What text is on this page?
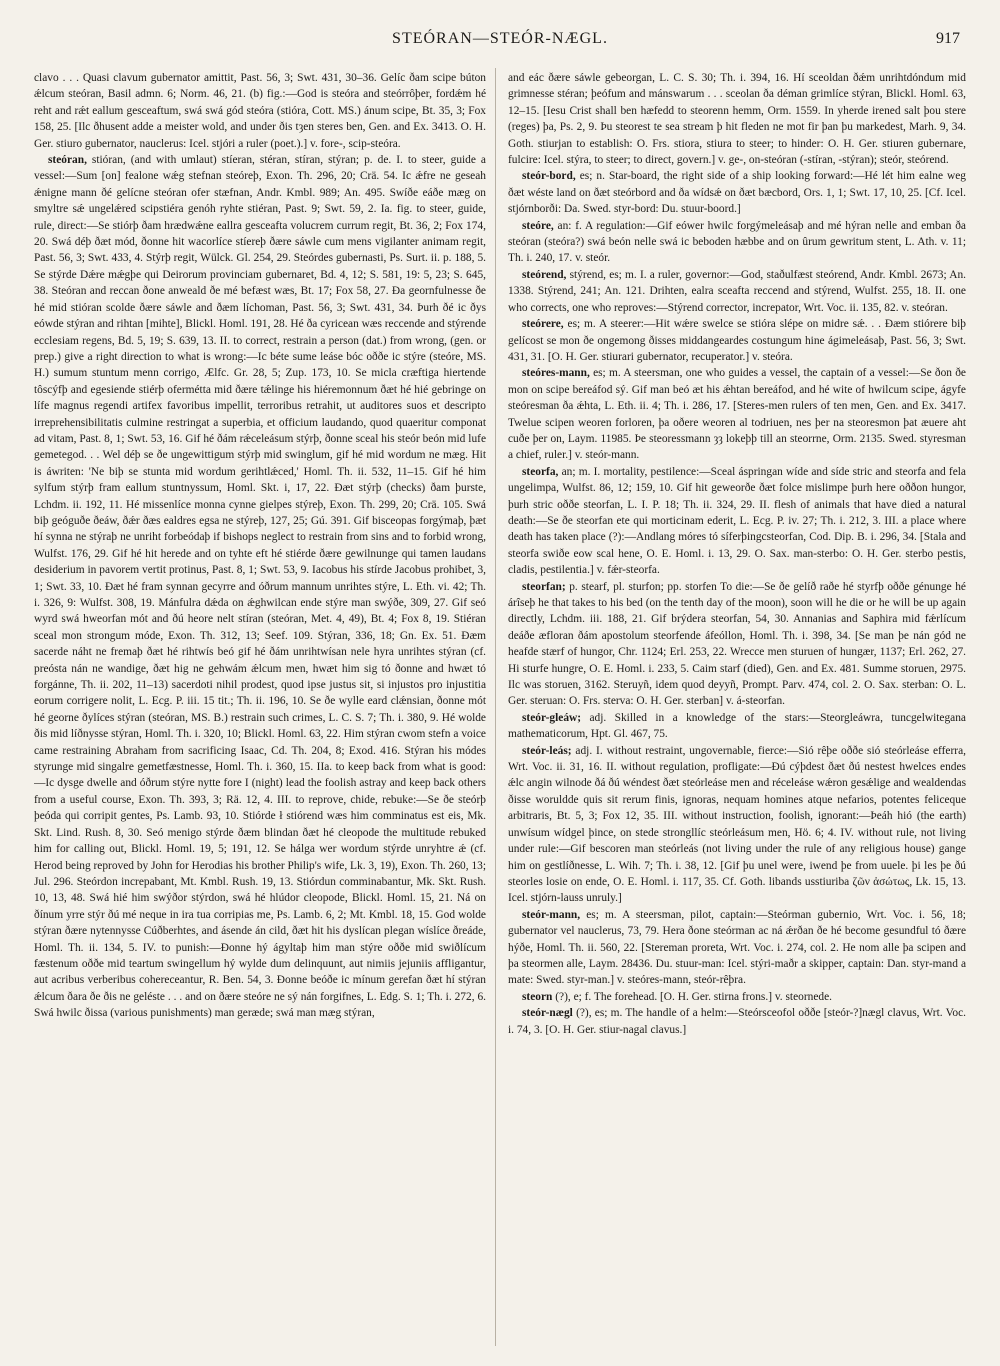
STEÓRAN—STEÓR-NÆGL.	917

clavo . . . Quasi clavum gubernator amittit, Past. 56, 3; Swt. 431, 30–36. Gelíc ðam scipe búton ǽlcum steóran, Basil admn. 6; Norm. 46, 21. (b) fig.:—God is steóra and steórrôþer, fordǽm hé reht and rǽt eallum gesceaftum, swá swá gód steóra (stióra, Cott. MS.) ánum scipe, Bt. 35, 3; Fox 158, 25. [Ilc ðhusent adde a meister wold, and under ðis tȝen steres ben, Gen. and Ex. 3413. O. H. Ger. stiuro gubernator, nauclerus: Icel. stjóri a ruler (poet.).] v. fore-, scip-steóra.

steóran, stióran, (and with umlaut) stíeran, stéran, stíran, stýran; p. de. I. to steer, guide a vessel:—Sum [on] fealone wǽg stefnan steóreþ, Exon. Th. 296, 20; Crä. 54. Ic ǽfre ne geseah ǽnigne mann ðé gelícne steóran ofer stæfnan, Andr. Kmbl. 989; An. 495. Swíðe eáðe mæg on smyltre sǽ ungelǽred scipstiéra genóh ryhte stiéran, Past. 9; Swt. 59, 2. Ia. fig. to steer, guide, rule, direct:—Se stiórþ ðam hrædwǽne eallra gesceafta volucrem currum regit, Bt. 36, 2; Fox 174, 20. Swá déþ ðæt mód, ðonne hit wacorlíce stíereþ ðære sáwle cum mens vigilanter animam regit, Past. 56, 3; Swt. 433, 4. Stýrþ regit, Wülck. Gl. 254, 29. Steórdes gubernasti, Ps. Surt. ii. p. 188, 5. Se stýrde Dǽre mǽgþe qui Deirorum provinciam gubernaret, Bd. 4, 12; S. 581, 19: 5, 23; S. 645, 38. Steóran and reccan ðone anweald ðe mé befæst wæs, Bt. 17; Fox 58, 27. Ða geornfulnesse ðe hé mid stióran scolde ðære sáwle and ðæm líchoman, Past. 56, 3; Swt. 431, 34. Þurh ðé ic ðys eówde stýran and rihtan [mihte], Blickl. Homl. 191, 28. Hé ða cyricean wæs reccende and stýrende ecclesiam regens, Bd. 5, 19; S. 639, 13. II. to correct, restrain a person (dat.) from wrong, (gen. or prep.) give a right direction to what is wrong:—Ic béte sume leáse bóc oððe ic stýre (steóre, MS. H.) sumum stuntum menn corrigo, Ælfc. Gr. 28, 5; Zup. 173, 10. Se micla cræftiga hiertende tôscýfþ and egesiende stiérþ ofermétta mid ðære tǽlinge his hiéremonnum ðæt hé hié gebringe on lífe magnus regendi artifex favoribus impellit, terroribus retrahit, ut auditores suos et descripto irreprehensibilitatis culmine restringat a superbia, et officium laudando, quod quaeritur componat ad vitam, Past. 8, 1; Swt. 53, 16. Gif hé ðám rǽceleásum stýrþ, ðonne sceal his steór beón mid lufe gemetegod. . . Wel déþ se ðe ungewittigum stýrþ mid swinglum, gif hé mid wordum ne mæg. Hit is áwriten: 'Ne biþ se stunta mid wordum gerihtlǽced,' Homl. Th. ii. 532, 11–15. Gif hé him sylfum stýrþ fram eallum stuntnyssum, Homl. Skt. i, 17, 22. Ðæt stýrþ (checks) ðam þurste, Lchdm. ii. 192, 11. Hé missenlíce monna cynne gielpes stýreþ, Exon. Th. 299, 20; Crä. 105. Swá biþ geóguðe ðeáw, ðǽr ðæs ealdres egsa ne stýreþ, 127, 25; Gú. 391. Gif bisceopas forgýmaþ, þæt hí synna ne stýraþ ne unriht forbeódaþ if bishops neglect to restrain from sins and to forbid wrong, Wulfst. 176, 29. Gif hé hit herede and on tyhte eft hé stiérde ðære gewilnunge qui tamen laudans desiderium in pavorem vertit protinus, Past. 8, 1; Swt. 53, 9. Iacobus his stírde Jacobus prohibet, 3, 1; Swt. 33, 10. Ðæt hé fram synnan gecyrre and óðrum mannum unrihtes stýre, L. Eth. vi. 42; Th. i. 326, 9: Wulfst. 308, 19. Mánfulra dǽda on ǽghwilcan ende stýre man swýðe, 309, 27. Gif seó wyrd swá hweorfan mót and ðú heore nelt stíran (steóran, Met. 4, 49), Bt. 4; Fox 8, 19. Stiéran sceal mon strongum móde, Exon. Th. 312, 13; Seef. 109. Stýran, 336, 18; Gn. Ex. 51. Ðæm sacerde náht ne fremaþ ðæt hé rihtwís beó gif hé ðám unrihtwísan nele hyra unrihtes stýran (cf. preósta nán ne wandige, ðæt hig ne gehwám ǽlcum men, hwæt him sig tó ðonne and hwæt tó forgánne, Th. ii. 202, 11–13) sacerdoti nihil prodest, quod ipse justus sit, si injustos pro injustitia eorum corrigere nolit, L. Ecg. P. iii. 15 tit.; Th. ii. 196, 10. Se ðe wylle eard clǽnsian, ðonne mót hé georne ðylíces stýran (steóran, MS. B.) restrain such crimes, L. C. S. 7; Th. i. 380, 9. Hé wolde ðis mid líðnysse stýran, Homl. Th. i. 320, 10; Blickl. Homl. 63, 22. Him stýran cwom stefn a voice came restraining Abraham from sacrificing Isaac, Cd. Th. 204, 8; Exod. 416. Stýran his módes styrunge mid singalre gemetfæstnesse, Homl. Th. i. 360, 15. IIa. to keep back from what is good:—Ic dysge dwelle and óðrum stýre nytte fore I (night) lead the foolish astray and keep back others from a useful course, Exon. Th. 393, 3; Rä. 12, 4. III. to reprove, chide, rebuke:—Se ðe steórþ þeóda qui corripit gentes, Ps. Lamb. 93, 10. Stiórde ł stiórend wæs him comminatus est eis, Mk. Skt. Lind. Rush. 8, 30. Seó menigo stýrde ðæm blindan ðæt hé cleopode the multitude rebuked him for calling out, Blickl. Homl. 19, 5; 191, 12. Se hálga wer wordum stýrde unryhtre ǽ (cf. Herod being reproved by John for Herodias his brother Philip's wife, Lk. 3, 19), Exon. Th. 260, 13; Jul. 296. Steórdon increpabant, Mt. Kmbl. Rush. 19, 13. Stiórdun comminabantur, Mk. Skt. Rush. 10, 13, 48. Swá hié him swýðor stýrdon, swá hé hlúdor cleopode, Blickl. Homl. 15, 21. Ná on ðínum yrre stýr ðú mé neque in ira tua corripias me, Ps. Lamb. 6, 2; Mt. Kmbl. 18, 15. God wolde stýran ðære nytennysse Cúðberhtes, and ásende án cild, ðæt hit his dyslícan plegan wíslíce ðreáde, Homl. Th. ii. 134, 5. IV. to punish:—Ðonne hý ágyltaþ him man stýre oððe mid swiðlícum fæstenum oððe mid teartum swingellum hý wylde dum delinquunt, aut nimiis jejuniis affligantur, aut acribus verberibus cohereceantur, R. Ben. 54, 3. Ðonne beóðe ic mínum gerefan ðæt hí stýran ǽlcum ðara ðe ðis ne geléste . . . and on ðære steóre ne sý nán forgifnes, L. Edg. S. 1; Th. i. 272, 6. Swá hwilc ðissa (various punishments) man geræde; swá man mæg stýran,

and eác ðære sáwle gebeorgan, L. C. S. 30; Th. i. 394, 16. Hí sceoldan ðǽm unrihtdóndum mid grimnesse stéran; þeófum and mánswarum . . . sceolan ða déman grimlíce stýran, Blickl. Homl. 63, 12–15. [Iesu Crist shall ben hæfedd to steorenn hemm, Orm. 1559. In yherde irened salt þou stere (reges) þa, Ps. 2, 9. Þu steorest te sea stream þ hit fleden ne mot fir þan þu markedest, Marh. 9, 34. Goth. stiurjan to establish: O. Frs. stiora, stiura to steer; to hinder: O. H. Ger. stiuren gubernare, fulcire: Icel. stýra, to steer; to direct, govern.] v. ge-, on-steóran (-stíran, -stýran); steór, steórend.

steór-bord, es; n. Star-board, the right side of a ship looking forward:—Hé lét him ealne weg ðæt wéste land on ðæt steórbord and ða wídsǽ on ðæt bæcbord, Ors. 1, 1; Swt. 17, 10, 25. [Cf. Icel. stjórnborði: Da. Swed. styr-bord: Du. stuur-boord.]

steóre, an: f. A regulation:—Gif eówer hwilc forgýmeleásaþ and mé hýran nelle and emban ða steóran (steóra?) swá beón nelle swá ic beboden hæbbe and on ûrum gewritum stent, L. Ath. v. 11; Th. i. 240, 17. v. steór.

steórend, stýrend, es; m. I. a ruler, governor:—God, staðulfæst steórend, Andr. Kmbl. 2673; An. 1338. Stýrend, 241; An. 121. Drihten, ealra sceafta reccend and stýrend, Wulfst. 255, 18. II. one who corrects, one who reproves:—Stýrend corrector, increpator, Wrt. Voc. ii. 135, 82. v. steóran.

steórere, es; m. A steerer:—Hit wǽre swelce se stióra slépe on midre sǽ. . . Ðæm stiórere biþ gelícost se mon ðe ongemong ðisses middangeardes costungum hine ágimeleásaþ, Past. 56, 3; Swt. 431, 31. [O. H. Ger. stiurari gubernator, recuperator.] v. steóra.

steóres-mann, es; m. A steersman, one who guides a vessel, the captain of a vessel:—Se ðon ðe mon on scipe bereáfod sý. Gif man beó æt his ǽhtan bereáfod, and hé wite of hwilcum scipe, ágyfe steóresman ða ǽhta, L. Eth. ii. 4; Th. i. 286, 17. [Steres-men rulers of ten men, Gen. and Ex. 3417. Twelue scipen weoren forloren, þa oðere weoren al todriuen, nes þer na steoresmon þat æuere aht cuðe þer on, Laym. 11985. Þe steoressmann ȝȝ lokeþþ till an steorrne, Orm. 2135. Swed. styresman a chief, ruler.] v. steór-mann.

steorfa, an; m. I. mortality, pestilence:—Sceal áspringan wíde and síde stric and steorfa and fela ungelimpa, Wulfst. 86, 12; 159, 10. Gif hit geweorðe ðæt folce mislimpe þurh here oððon hungor, þurh stric oððe steorfan, L. I. P. 18; Th. ii. 324, 29. II. flesh of animals that have died a natural death:—Se ðe steorfan ete qui morticinam ederit, L. Ecg. P. iv. 27; Th. i. 212, 3. III. a place where death has taken place (?):—Andlang móres tó síferþingcsteorfan, Cod. Dip. B. i. 296, 34. [Stala and steorfa swiðe eow scal hene, O. E. Homl. i. 13, 29. O. Sax. man-sterbo: O. H. Ger. sterbo pestis, cladis, pestilentia.] v. fǽr-steorfa.

steorfan; p. stearf, pl. sturfon; pp. storfen To die:—Se ðe gelíð raðe hé styrfþ oððe génunge hé árîseþ he that takes to his bed (on the tenth day of the moon), soon will he die or he will be up again directly, Lchdm. iii. 188, 21. Gif brýdera steorfan, 54, 30. Annanias and Saphira mid fǽrlícum deáðe æfloran ðám apostolum steorfende áfeóllon, Homl. Th. i. 398, 34. [Se man þe nán gód ne heafde stærf of hungor, Chr. 1124; Erl. 253, 22. Wrecce men sturuen of hungær, 1137; Erl. 262, 27. Hi sturfe hungre, O. E. Homl. i. 233, 5. Caim starf (died), Gen. and Ex. 481. Summe storuen, 2975. Ilc was storuen, 3162. Steruyñ, idem quod deyyñ, Prompt. Parv. 474, col. 2. O. Sax. sterban: O. L. Ger. steruan: O. Frs. sterva: O. H. Ger. sterban] v. á-steorfan.

steór-gleáw; adj. Skilled in a knowledge of the stars:—Steorgleáwra, tuncgelwitegana mathematicorum, Hpt. Gl. 467, 75.

steór-leás; adj. I. without restraint, ungovernable, fierce:—Sió rêþe oððe sió steórleáse efferra, Wrt. Voc. ii. 31, 16. II. without regulation, profligate:—Ðú cýþdest ðæt ðú nestest hwelces endes ǽlc angin wilnode ðá ðú wéndest ðæt steórleáse men and réceleáse wǽron gesǽlige and wealdendas ðisse woruldde quis sit rerum finis, ignoras, nequam homines atque nefarios, potentes feliceque arbitraris, Bt. 5, 3; Fox 12, 35. III. without instruction, foolish, ignorant:—Þeáh hió (the earth) unwísum wídgel þince, on stede strongllíc steórleásum men, Hö. 6; 4. IV. without rule, not living under rule:—Gif bescoren man steórleás (not living under the rule of any religious house) gange him on gestlíðnesse, L. Wih. 7; Th. i. 38, 12. [Gif þu unel were, iwend þe from uuele. þi les þe ðú steorles losie on ende, O. E. Homl. i. 117, 35. Cf. Goth. libands usstiuriba ζῶν ἀσώτως, Lk. 15, 13. Icel. stjórn-lauss unruly.]

steór-mann, es; m. A steersman, pilot, captain:—Steórman gubernio, Wrt. Voc. i. 56, 18; gubernator vel nauclerus, 73, 79. Hera ðone steórman ac ná ǽrðan ðe hé become gesundful tó ðære hýðe, Homl. Th. ii. 560, 22. [Stereman proreta, Wrt. Voc. i. 274, col. 2. He nom alle þa scipen and þa steormen alle, Laym. 28436. Du. stuur-man: Icel. stýri-maðr a skipper, captain: Dan. styr-mand a mate: Swed. styr-man.] v. steóres-mann, steór-rêþra.

steorn (?), e; f. The forehead. [O. H. Ger. stirna frons.] v. steornede.

steór-nægl (?), es; m. The handle of a helm:—Steórsceofol oððe [steór-?]nægl clavus, Wrt. Voc. i. 74, 3. [O. H. Ger. stiur-nagal clavus.]
